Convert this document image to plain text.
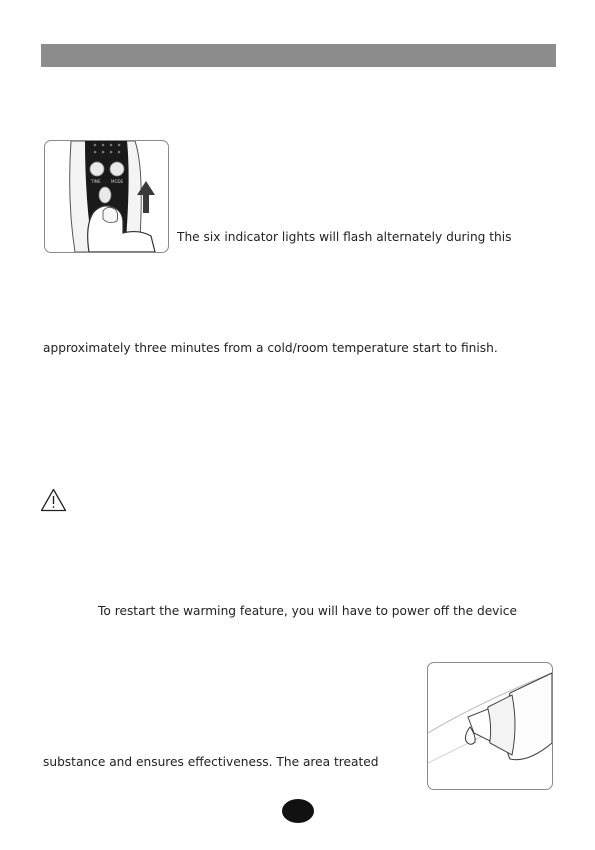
TIME	MODE
The six indicator lights will flash alternately during this
approximately three minutes from a cold/room temperature start to finish.
To restart the warming feature, you will have to power off the device
substance and ensures effectiveness. The area treated
